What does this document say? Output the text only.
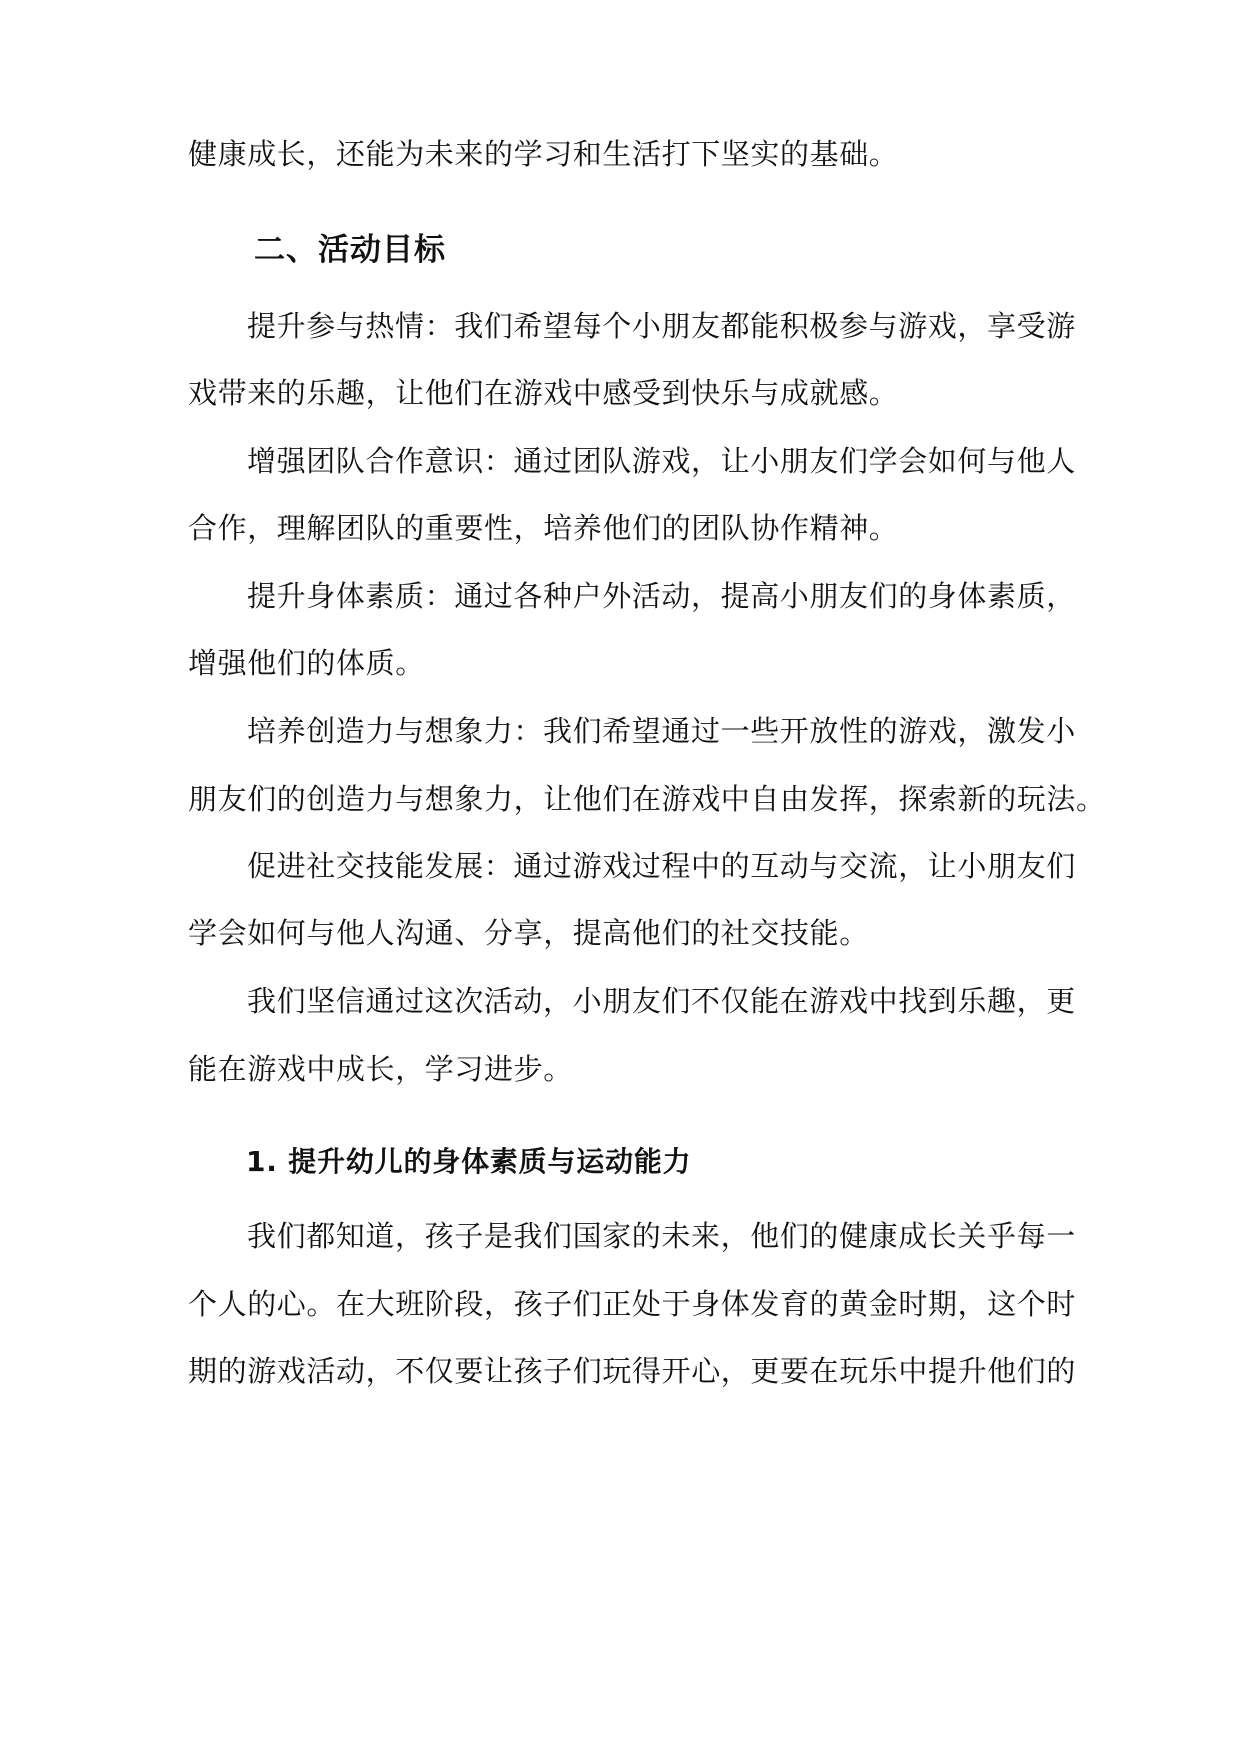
健康成长，还能为未来的学习和生活打下坚实的基础。

二、活动目标

提升参与热情：我们希望每个小朋友都能积极参与游戏，享受游

戏带来的乐趣，让他们在游戏中感受到快乐与成就感。

增强团队合作意识：通过团队游戏，让小朋友们学会如何与他人

合作，理解团队的重要性，培养他们的团队协作精神。

提升身体素质：通过各种户外活动，提高小朋友们的身体素质，

增强他们的体质。

培养创造力与想象力：我们希望通过一些开放性的游戏，激发小

朋友们的创造力与想象力，让他们在游戏中自由发挥，探索新的玩法。

促进社交技能发展：通过游戏过程中的互动与交流，让小朋友们

学会如何与他人沟通、分享，提高他们的社交技能。

我们坚信通过这次活动，小朋友们不仅能在游戏中找到乐趣，更

能在游戏中成长，学习进步。

1. 提升幼儿的身体素质与运动能力

我们都知道，孩子是我们国家的未来，他们的健康成长关乎每一

个人的心。在大班阶段，孩子们正处于身体发育的黄金时期，这个时

期的游戏活动，不仅要让孩子们玩得开心，更要在玩乐中提升他们的
